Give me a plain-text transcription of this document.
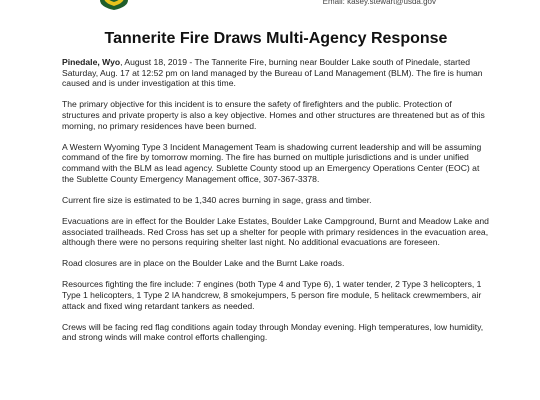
Email: kasey.stewart@usda.gov
Tannerite Fire Draws Multi-Agency Response

Pinedale, Wyo, August 18, 2019 - The Tannerite Fire, burning near Boulder Lake south of Pinedale, started Saturday, Aug. 17 at 12:52 pm on land managed by the Bureau of Land Management (BLM). The fire is human caused and is under investigation at this time.

The primary objective for this incident is to ensure the safety of firefighters and the public. Protection of structures and private property is also a key objective. Homes and other structures are threatened but as of this morning, no primary residences have been burned.

A Western Wyoming Type 3 Incident Management Team is shadowing current leadership and will be assuming command of the fire by tomorrow morning. The fire has burned on multiple jurisdictions and is under unified command with the BLM as lead agency. Sublette County stood up an Emergency Operations Center (EOC) at the Sublette County Emergency Management office, 307-367-3378.

Current fire size is estimated to be 1,340 acres burning in sage, grass and timber.

Evacuations are in effect for the Boulder Lake Estates, Boulder Lake Campground, Burnt and Meadow Lake and associated trailheads. Red Cross has set up a shelter for people with primary residences in the evacuation area, although there were no persons requiring shelter last night. No additional evacuations are foreseen.

Road closures are in place on the Boulder Lake and the Burnt Lake roads.

Resources fighting the fire include: 7 engines (both Type 4 and Type 6), 1 water tender, 2 Type 3 helicopters, 1 Type 1 helicopters, 1 Type 2 IA handcrew, 8 smokejumpers, 5 person fire module, 5 helitack crewmembers, air attack and fixed wing retardant tankers as needed.

Crews will be facing red flag conditions again today through Monday evening. High temperatures, low humidity, and strong winds will make control efforts challenging.
